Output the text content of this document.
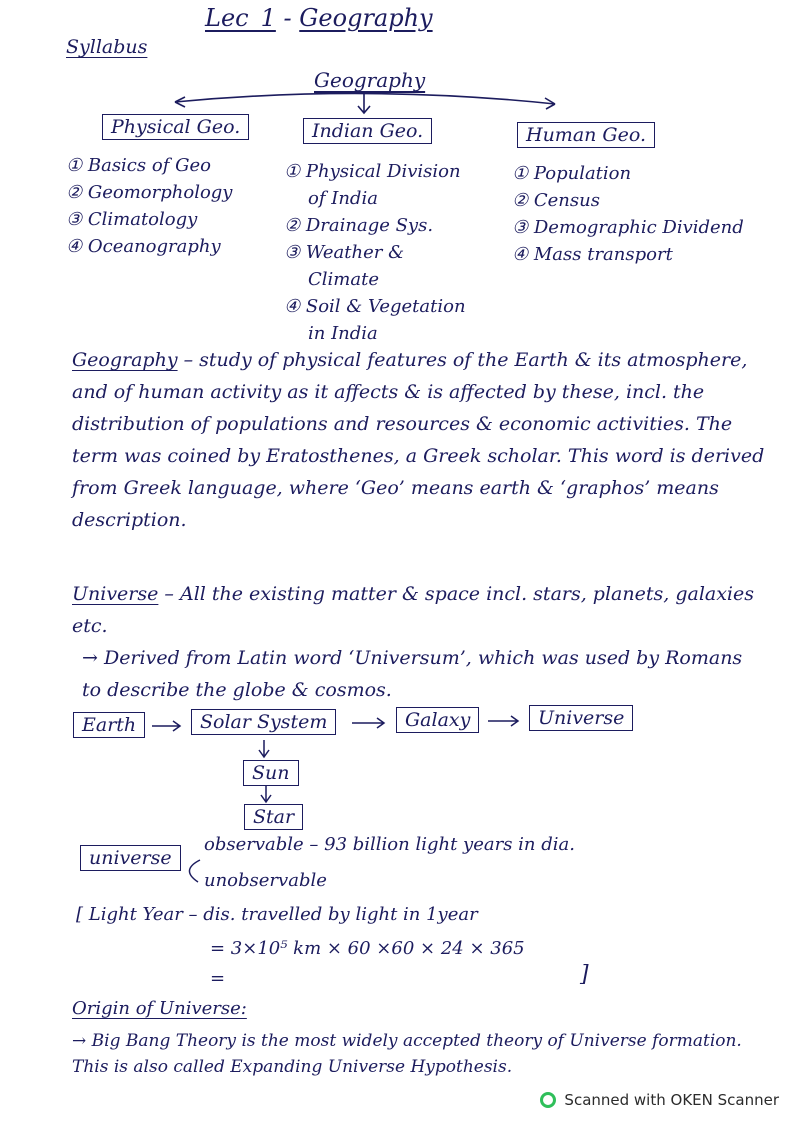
Lec_1 - Geography
Syllabus
Geography
Physical Geo.	Indian Geo.	Human Geo.
① Basics of Geo
② Geomorphology
③ Climatology
④ Oceanography
① Physical Division
of India
② Drainage Sys.
③ Weather &
Climate
④ Soil & Vegetation
in India
① Population
② Census
③ Demographic Dividend
④ Mass transport
Geography – study of physical features of the Earth & its atmosphere, and of human activity as it affects & is affected by these, incl. the distribution of populations and resources & economic activities. The term was coined by Eratosthenes, a Greek scholar. This word is derived from Greek language, where ‘Geo’ means earth & ‘graphos’ means description.
Universe – All the existing matter & space incl. stars, planets, galaxies etc.
→ Derived from Latin word ‘Universum’, which was used by Romans to describe the globe & cosmos.
Earth	Solar System	Galaxy	Universe
Sun
Star
universe
observable – 93 billion light years in dia.
unobservable
[ Light Year – dis. travelled by light in 1year
= 3×10⁵ km × 60 ×60 × 24 × 365
=	]
Origin of Universe:
→ Big Bang Theory is the most widely accepted theory of Universe formation. This is also called Expanding Universe Hypothesis.
Scanned with OKEN Scanner
